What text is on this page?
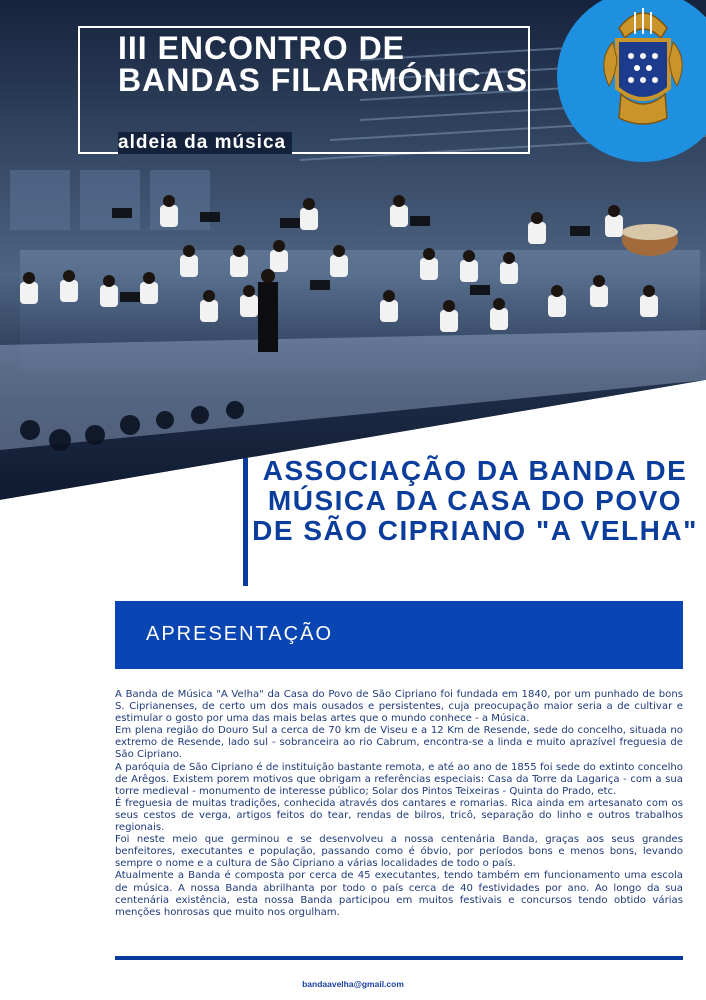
III ENCONTRO DE BANDAS FILARMÓNICAS
aldeia da música
ASSOCIAÇÃO DA BANDA DE MÚSICA DA CASA DO POVO DE SÃO CIPRIANO "A VELHA"
APRESENTAÇÃO

A Banda de Música "A Velha" da Casa do Povo de São Cipriano foi fundada em 1840, por um punhado de bons S. Ciprianenses, de certo um dos mais ousados e persistentes, cuja preocupação maior seria a de cultivar e estimular o gosto por uma das mais belas artes que o mundo conhece - a Música.

Em plena região do Douro Sul a cerca de 70 km de Viseu e a 12 Km de Resende, sede do concelho, situada no extremo de Resende, lado sul - sobranceira ao rio Cabrum, encontra-se a linda e muito aprazível freguesia de São Cipriano.

A paróquia de São Cipriano é de instituição bastante remota, e até ao ano de 1855 foi sede do extinto concelho de Arêgos. Existem porem motivos que obrigam a referências especiais: Casa da Torre da Lagariça - com a sua torre medieval - monumento de interesse público; Solar dos Pintos Teixeiras - Quinta do Prado, etc.

É freguesia de muitas tradições, conhecida através dos cantares e romarias. Rica ainda em artesanato com os seus cestos de verga, artigos feitos do tear, rendas de bilros, tricô, separação do linho e outros trabalhos regionais.

Foi neste meio que germinou e se desenvolveu a nossa centenária Banda, graças aos seus grandes benfeitores, executantes e população, passando como é óbvio, por períodos bons e menos bons, levando sempre o nome e a cultura de São Cipriano a várias localidades de todo o país.

Atualmente a Banda é composta por cerca de 45 executantes, tendo também em funcionamento uma escola de música. A nossa Banda abrilhanta por todo o país cerca de 40 festividades por ano. Ao longo da sua centenária existência, esta nossa Banda participou em muitos festivais e concursos tendo obtido várias menções honrosas que muito nos orgulham.

bandaavelha@gmail.com
